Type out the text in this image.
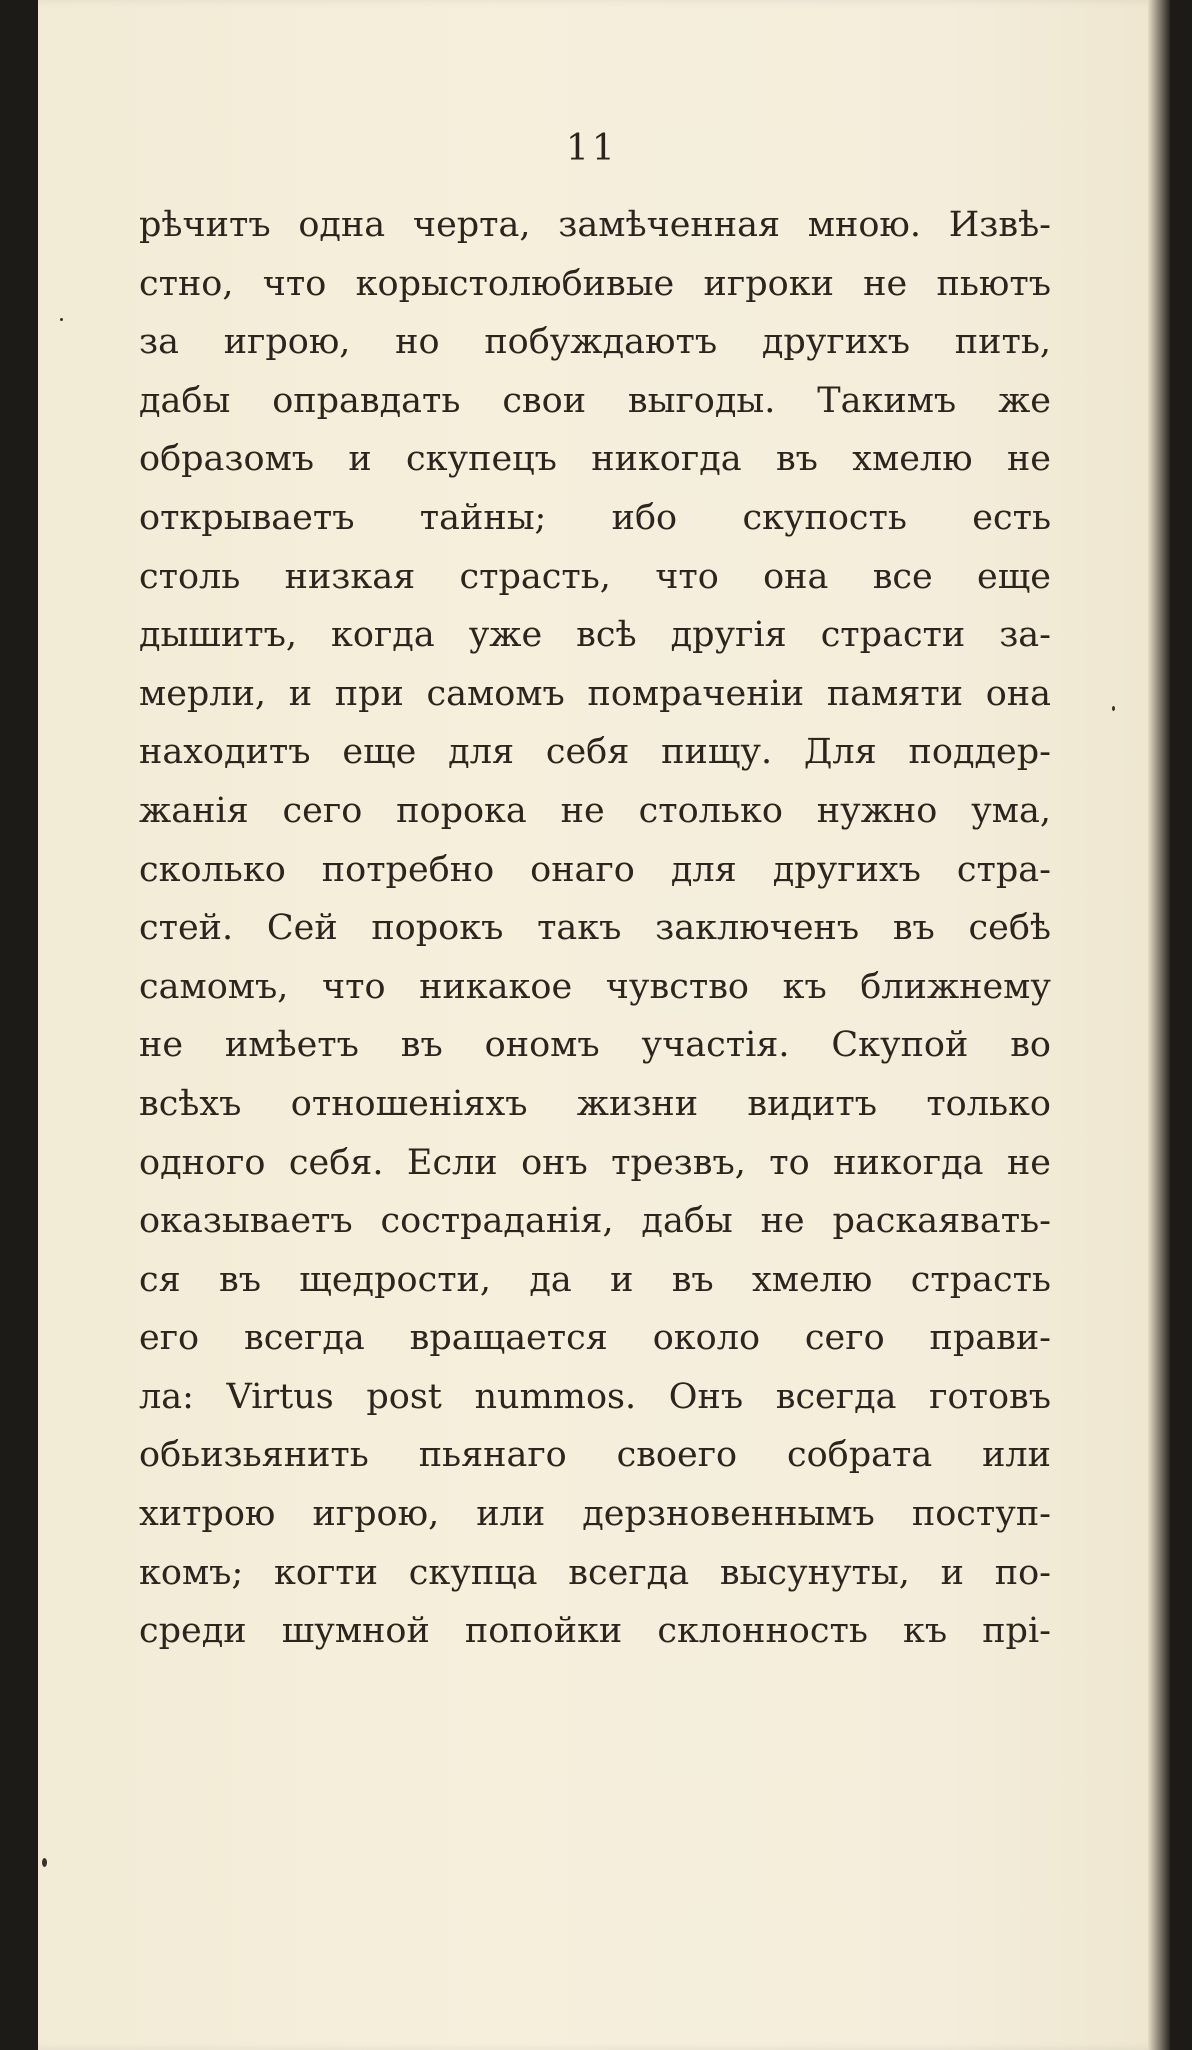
11
рѣчитъ одна черта, замѣченная мною. Извѣ-
стно, что корыстолюбивые игроки не пьютъ
за игрою, но побуждаютъ другихъ пить,
дабы оправдать свои выгоды. Такимъ же
образомъ и скупецъ никогда въ хмелю не
открываетъ тайны; ибо скупость есть
столь низкая страсть, что она все еще
дышитъ, когда уже всѣ другія страсти за-
мерли, и при самомъ помраченіи памяти она
находитъ еще для себя пищу. Для поддер-
жанія сего порока не столько нужно ума,
сколько потребно онаго для другихъ стра-
стей. Сей порокъ такъ заключенъ въ себѣ
самомъ, что никакое чувство къ ближнему
не имѣетъ въ ономъ участія. Скупой во
всѣхъ отношеніяхъ жизни видитъ только
одного себя. Если онъ трезвъ, то никогда не
оказываетъ состраданія, дабы не раскаявать-
ся въ щедрости, да и въ хмелю страсть
его всегда вращается около сего прави-
ла: Virtus post nummos. Онъ всегда готовъ
обьизьянить пьянаго своего собрата или
хитрою игрою, или дерзновеннымъ поступ-
комъ; когти скупца всегда высунуты, и по-
среди шумной попойки склонность къ прі-
